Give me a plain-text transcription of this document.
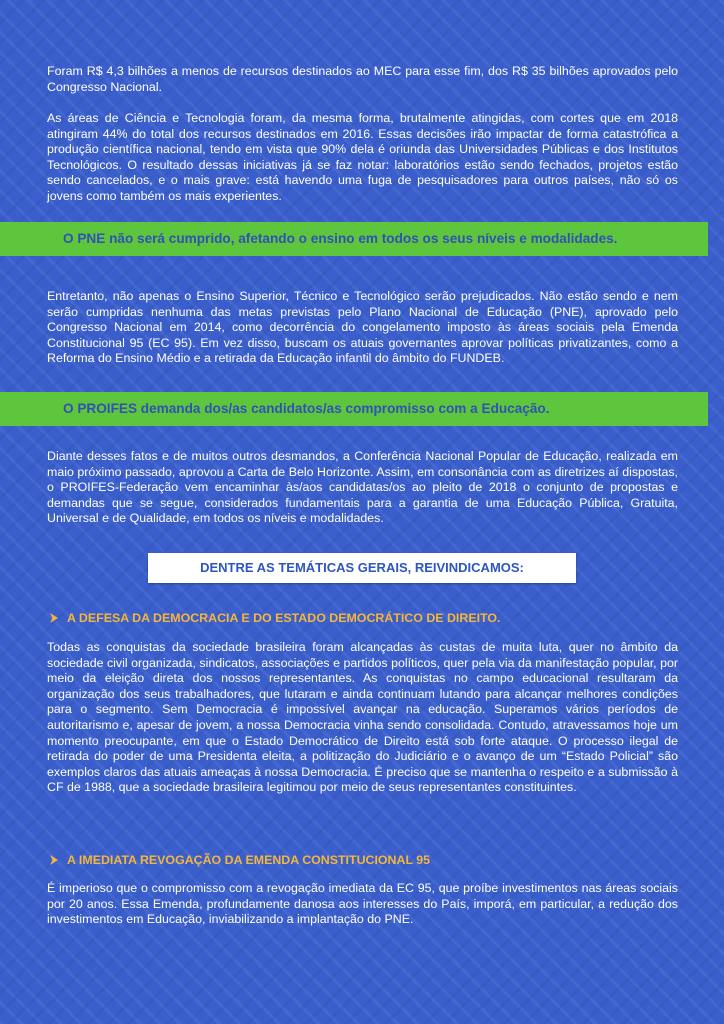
Foram R$ 4,3 bilhões a menos de recursos destinados ao MEC para esse fim, dos R$ 35 bilhões aprovados pelo Congresso Nacional.

As áreas de Ciência e Tecnologia foram, da mesma forma, brutalmente atingidas, com cortes que em 2018 atingiram 44% do total dos recursos destinados em 2016. Essas decisões irão impactar de forma catastrófica a produção científica nacional, tendo em vista que 90% dela é oriunda das Universidades Públicas e dos Institutos Tecnológicos. O resultado dessas iniciativas já se faz notar: laboratórios estão sendo fechados, projetos estão sendo cancelados, e o mais grave: está havendo uma fuga de pesquisadores para outros países, não só os jovens como também os mais experientes.

O PNE não será cumprido, afetando o ensino em todos os seus níveis e modalidades.

Entretanto, não apenas o Ensino Superior, Técnico e Tecnológico serão prejudicados. Não estão sendo e nem serão cumpridas nenhuma das metas previstas pelo Plano Nacional de Educação (PNE), aprovado pelo Congresso Nacional em 2014, como decorrência do congelamento imposto às áreas sociais pela Emenda Constitucional 95 (EC 95). Em vez disso, buscam os atuais governantes aprovar políticas privatizantes, como a Reforma do Ensino Médio e a retirada da Educação infantil do âmbito do FUNDEB.

O PROIFES demanda dos/as candidatos/as compromisso com a Educação.

Diante desses fatos e de muitos outros desmandos, a Conferência Nacional Popular de Educação, realizada em maio próximo passado, aprovou a Carta de Belo Horizonte. Assim, em consonância com as diretrizes aí dispostas, o PROIFES-Federação vem encaminhar às/aos candidatas/os ao pleito de 2018 o conjunto de propostas e demandas que se segue, considerados fundamentais para a garantia de uma Educação Pública, Gratuita, Universal e de Qualidade, em todos os níveis e modalidades.

DENTRE AS TEMÁTICAS GERAIS, REIVINDICAMOS:
A DEFESA DA DEMOCRACIA E DO ESTADO DEMOCRÁTICO DE DIREITO.

Todas as conquistas da sociedade brasileira foram alcançadas às custas de muita luta, quer no âmbito da sociedade civil organizada, sindicatos, associações e partidos políticos, quer pela via da manifestação popular, por meio da eleição direta dos nossos representantes. As conquistas no campo educacional resultaram da organização dos seus trabalhadores, que lutaram e ainda continuam lutando para alcançar melhores condições para o segmento. Sem Democracia é impossível avançar na educação. Superamos vários períodos de autoritarismo e, apesar de jovem, a nossa Democracia vinha sendo consolidada. Contudo, atravessamos hoje um momento preocupante, em que o Estado Democrático de Direito está sob forte ataque. O processo ilegal de retirada do poder de uma Presidenta eleita, a politização do Judiciário e o avanço de um “Estado Policial” são exemplos claros das atuais ameaças à nossa Democracia. É preciso que se mantenha o respeito e a submissão à CF de 1988, que a sociedade brasileira legitimou por meio de seus representantes constituintes.

A IMEDIATA REVOGAÇÃO DA EMENDA CONSTITUCIONAL 95

É imperioso que o compromisso com a revogação imediata da EC 95, que proíbe investimentos nas áreas sociais por 20 anos. Essa Emenda, profundamente danosa aos interesses do País, imporá, em particular, a redução dos investimentos em Educação, inviabilizando a implantação do PNE.
